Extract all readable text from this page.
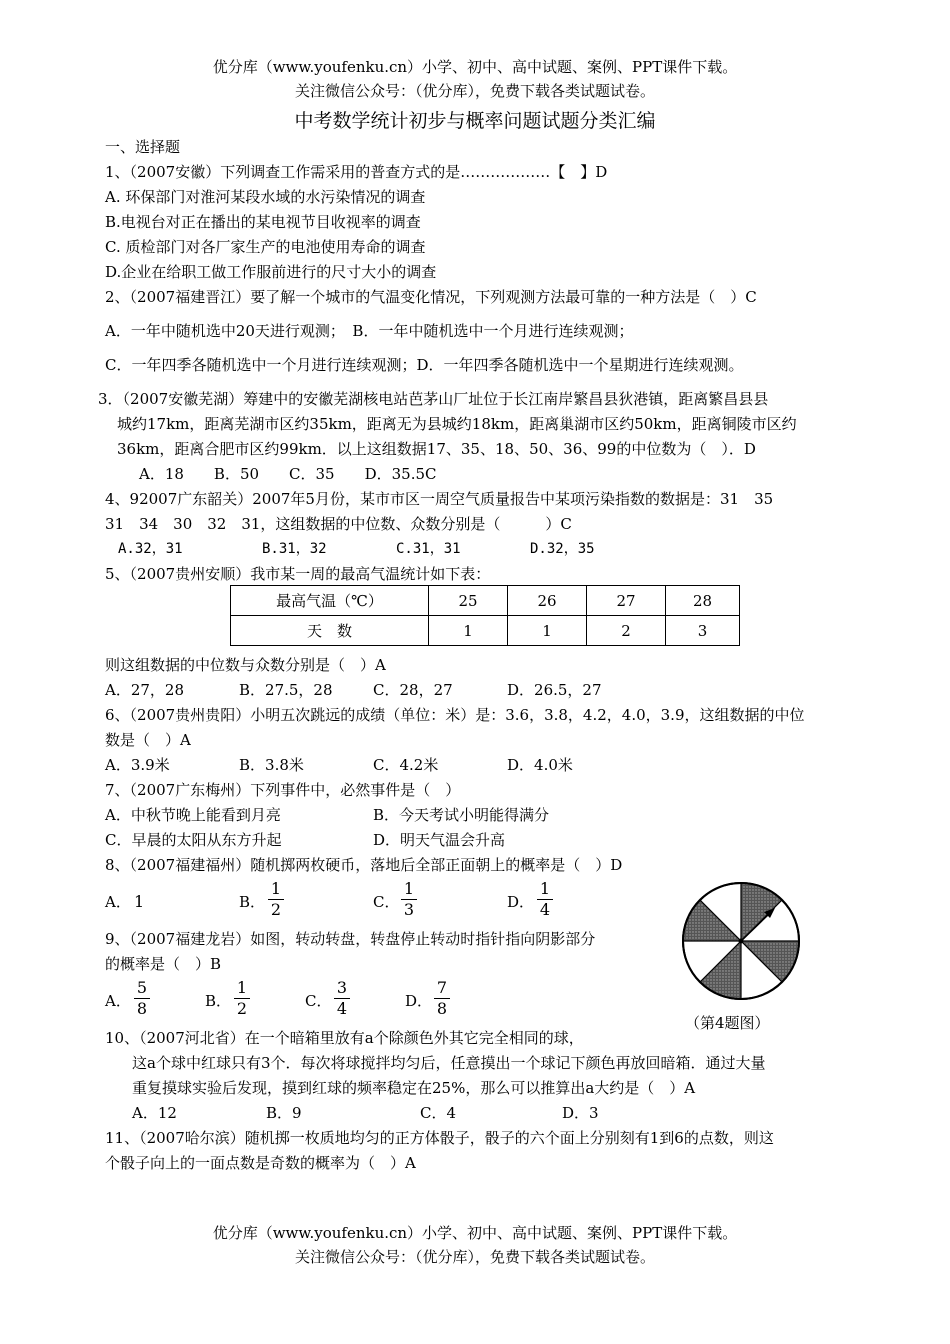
优分库（www.youfenku.cn）小学、初中、高中试题、案例、PPT课件下载。
关注微信公众号：（优分库），免费下载各类试题试卷。
中考数学统计初步与概率问题试题分类汇编
一、选择题
1、（2007安徽）下列调查工作需采用的普查方式的是………………【　】D
A. 环保部门对淮河某段水域的水污染情况的调查
B.电视台对正在播出的某电视节目收视率的调查
C. 质检部门对各厂家生产的电池使用寿命的调查
D.企业在给职工做工作服前进行的尺寸大小的调查
2、（2007福建晋江）要了解一个城市的气温变化情况，下列观测方法最可靠的一种方法是（　）C
A．一年中随机选中20天进行观测；　B．一年中随机选中一个月进行连续观测；
C．一年四季各随机选中一个月进行连续观测；D．一年四季各随机选中一个星期进行连续观测。
3．（2007安徽芜湖）筹建中的安徽芜湖核电站芭茅山厂址位于长江南岸繁昌县狄港镇，距离繁昌县县
城约17km，距离芜湖市区约35km，距离无为县城约18km，距离巢湖市区约50km，距离铜陵市区约
36km，距离合肥市区约99km．以上这组数据17、35、18、50、36、99的中位数为（　）．D
A．18　　B．50　　C．35　　D．35.5C
4、92007广东韶关）2007年5月份，某市市区一周空气质量报告中某项污染指数的数据是：31　35
31　34　30　32　31，这组数据的中位数、众数分别是（　　　）C
A.32，31	B.31，32	C.31，31	D.32，35
5、（2007贵州安顺）我市某一周的最高气温统计如下表：
最高气温（℃）	25	26	27	28
天　数	1	1	2	3
则这组数据的中位数与众数分别是（　）A
A．27，28	B．27.5，28	C．28，27	D．26.5，27
6、（2007贵州贵阳）小明五次跳远的成绩（单位：米）是：3.6，3.8，4.2，4.0，3.9，这组数据的中位
数是（　）A
A．3.9米	B．3.8米	C．4.2米	D．4.0米
7、（2007广东梅州）下列事件中，必然事件是（　）
A．中秋节晚上能看到月亮	B．今天考试小明能得满分
C．早晨的太阳从东方升起	D．明天气温会升高
8、（2007福建福州）随机掷两枚硬币，落地后全部正面朝上的概率是（　）D
A． 1	B．
1
2	C．
1
3	D．
1
4
9、（2007福建龙岩）如图，转动转盘，转盘停止转动时指针指向阴影部分
的概率是（　）B
A．
5
8	B．
1
2	C．
3
4	D．
7
8
（第4题图）
10、（2007河北省）在一个暗箱里放有a个除颜色外其它完全相同的球，
这a个球中红球只有3个．每次将球搅拌均匀后，任意摸出一个球记下颜色再放回暗箱．通过大量
重复摸球实验后发现，摸到红球的频率稳定在25%，那么可以推算出a大约是（　）A
A．12	B．9	C．4	D．3
11、（2007哈尔滨）随机掷一枚质地均匀的正方体骰子，骰子的六个面上分别刻有1到6的点数，则这
个骰子向上的一面点数是奇数的概率为（　）A
优分库（www.youfenku.cn）小学、初中、高中试题、案例、PPT课件下载。
关注微信公众号：（优分库），免费下载各类试题试卷。
